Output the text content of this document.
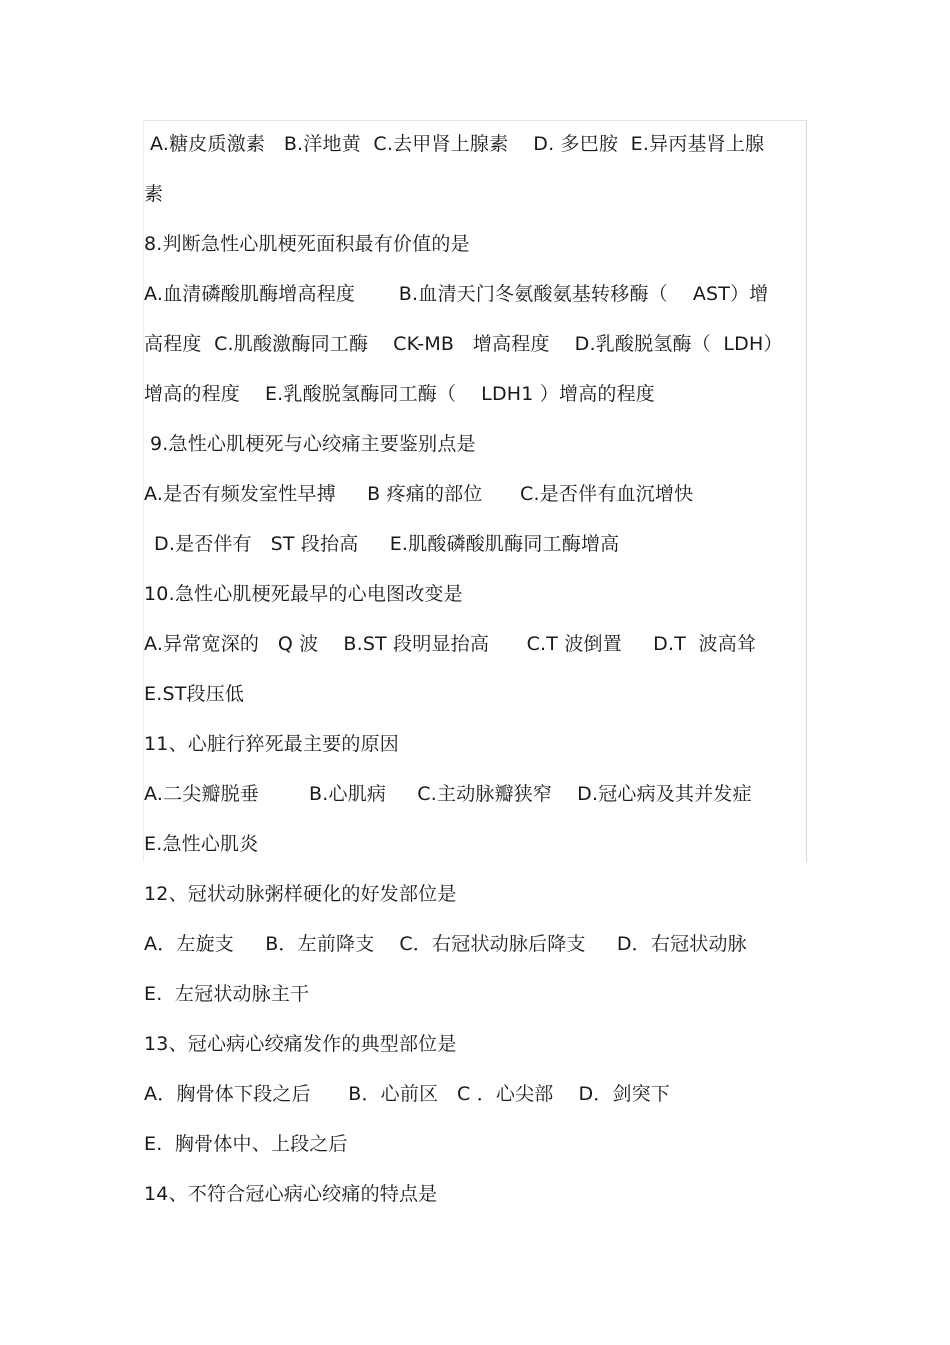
A.糖皮质激素   B.洋地黄  C.去甲肾上腺素    D. 多巴胺  E.异丙基肾上腺

素

8.判断急性心肌梗死面积最有价值的是

A.血清磷酸肌酶增高程度       B.血清天门冬氨酸氨基转移酶（    AST）增

高程度  C.肌酸激酶同工酶    CK-MB   增高程度    D.乳酸脱氢酶（  LDH）

增高的程度    E.乳酸脱氢酶同工酶（    LDH1 ）增高的程度

9.急性心肌梗死与心绞痛主要鉴别点是

A.是否有频发室性早搏     B 疼痛的部位      C.是否伴有血沉增快

D.是否伴有   ST 段抬高     E.肌酸磷酸肌酶同工酶增高

10.急性心肌梗死最早的心电图改变是

A.异常宽深的   Q 波    B.ST 段明显抬高      C.T 波倒置     D.T  波高耸

E.ST段压低

11、心脏行猝死最主要的原因

A.二尖瓣脱垂        B.心肌病     C.主动脉瓣狭窄    D.冠心病及其并发症

E.急性心肌炎

12、冠状动脉粥样硬化的好发部位是

A．左旋支     B．左前降支    C．右冠状动脉后降支     D．右冠状动脉

E.  左冠状动脉主干

13、冠心病心绞痛发作的典型部位是

A．胸骨体下段之后      B．心前区   C ．心尖部    D．剑突下

E.  胸骨体中、上段之后

14、不符合冠心病心绞痛的特点是
